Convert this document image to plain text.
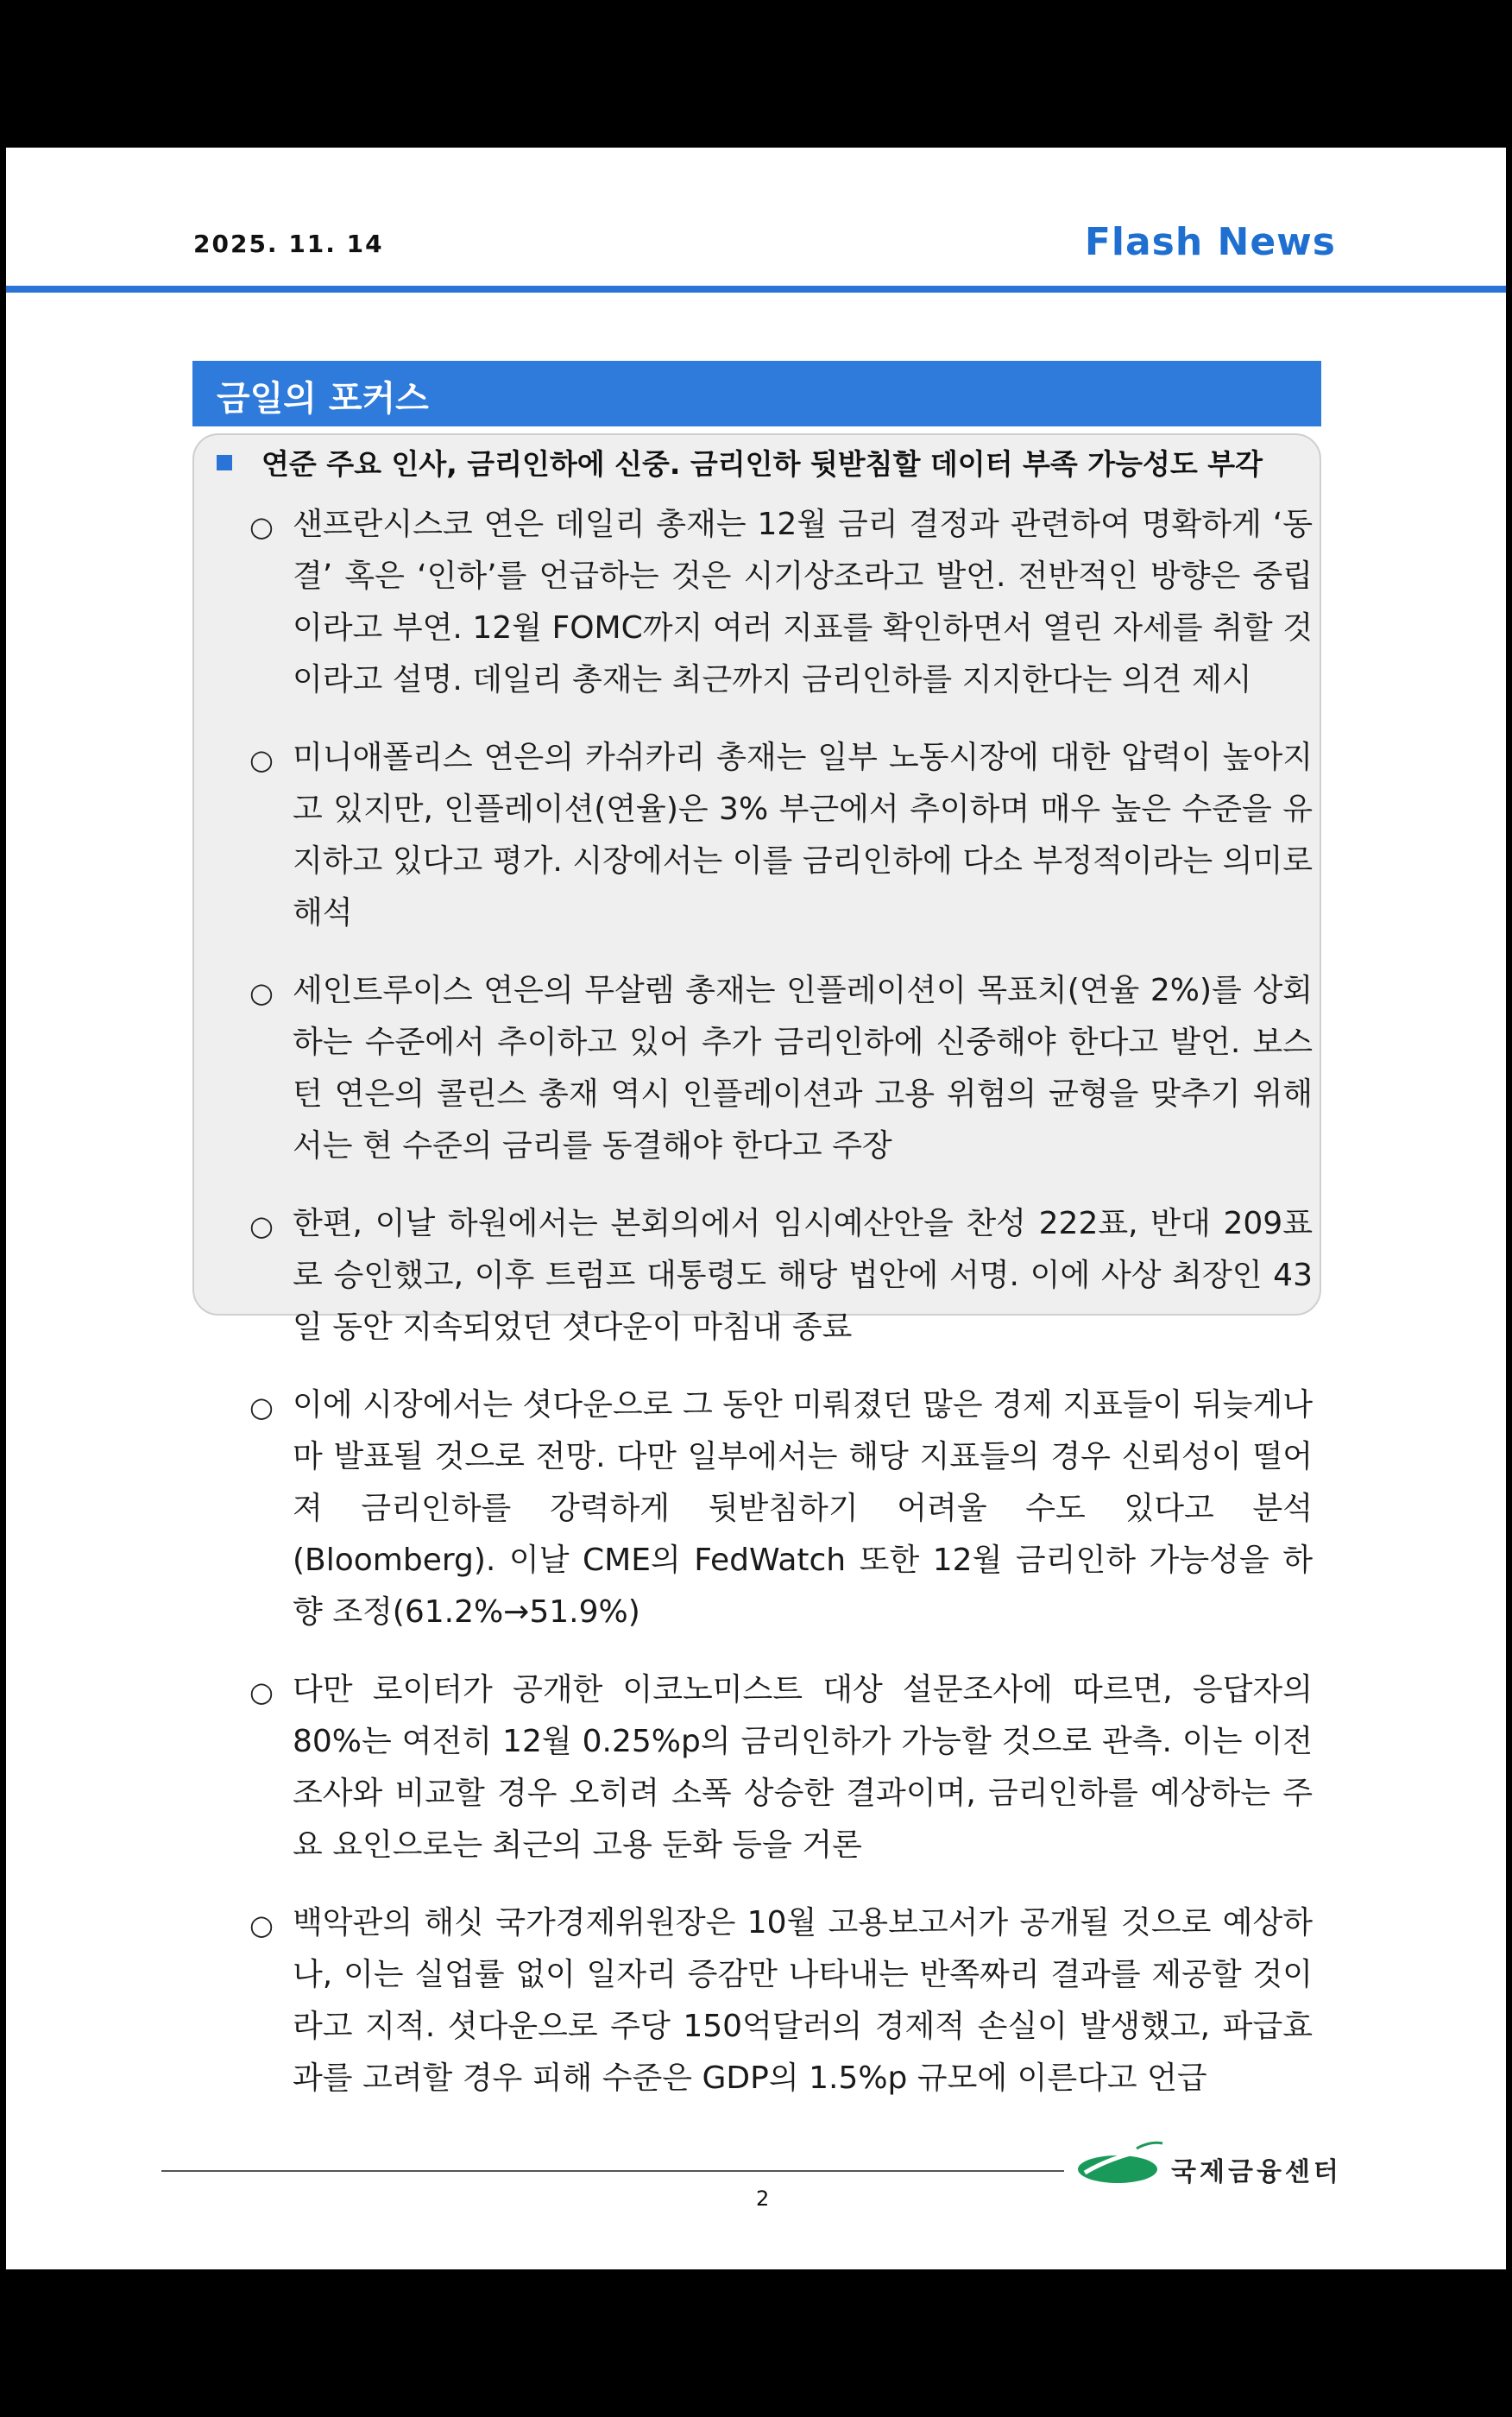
2025. 11. 14	Flash News
금일의 포커스
연준 주요 인사, 금리인하에 신중. 금리인하 뒷받침할 데이터 부족 가능성도 부각
○ 샌프란시스코 연은 데일리 총재는 12월 금리 결정과 관련하여 명확하게 ‘동결’ 혹은 ‘인하’를 언급하는 것은 시기상조라고 발언. 전반적인 방향은 중립이라고 부연. 12월 FOMC까지 여러 지표를 확인하면서 열린 자세를 취할 것이라고 설명. 데일리 총재는 최근까지 금리인하를 지지한다는 의견 제시
○ 미니애폴리스 연은의 카쉬카리 총재는 일부 노동시장에 대한 압력이 높아지고 있지만, 인플레이션(연율)은 3% 부근에서 추이하며 매우 높은 수준을 유지하고 있다고 평가. 시장에서는 이를 금리인하에 다소 부정적이라는 의미로 해석
○ 세인트루이스 연은의 무살렘 총재는 인플레이션이 목표치(연율 2%)를 상회하는 수준에서 추이하고 있어 추가 금리인하에 신중해야 한다고 발언. 보스턴 연은의 콜린스 총재 역시 인플레이션과 고용 위험의 균형을 맞추기 위해서는 현 수준의 금리를 동결해야 한다고 주장
○ 한편, 이날 하원에서는 본회의에서 임시예산안을 찬성 222표, 반대 209표로 승인했고, 이후 트럼프 대통령도 해당 법안에 서명. 이에 사상 최장인 43일 동안 지속되었던 셧다운이 마침내 종료
○ 이에 시장에서는 셧다운으로 그 동안 미뤄졌던 많은 경제 지표들이 뒤늦게나마 발표될 것으로 전망. 다만 일부에서는 해당 지표들의 경우 신뢰성이 떨어져 금리인하를 강력하게 뒷받침하기 어려울 수도 있다고 분석(Bloomberg). 이날 CME의 FedWatch 또한 12월 금리인하 가능성을 하향 조정(61.2%→51.9%)
○ 다만 로이터가 공개한 이코노미스트 대상 설문조사에 따르면, 응답자의 80%는 여전히 12월 0.25%p의 금리인하가 가능할 것으로 관측. 이는 이전 조사와 비교할 경우 오히려 소폭 상승한 결과이며, 금리인하를 예상하는 주요 요인으로는 최근의 고용 둔화 등을 거론
○ 백악관의 해싯 국가경제위원장은 10월 고용보고서가 공개될 것으로 예상하나, 이는 실업률 없이 일자리 증감만 나타내는 반쪽짜리 결과를 제공할 것이라고 지적. 셧다운으로 주당 150억달러의 경제적 손실이 발생했고, 파급효과를 고려할 경우 피해 수준은 GDP의 1.5%p 규모에 이른다고 언급
국제금융센터
2
